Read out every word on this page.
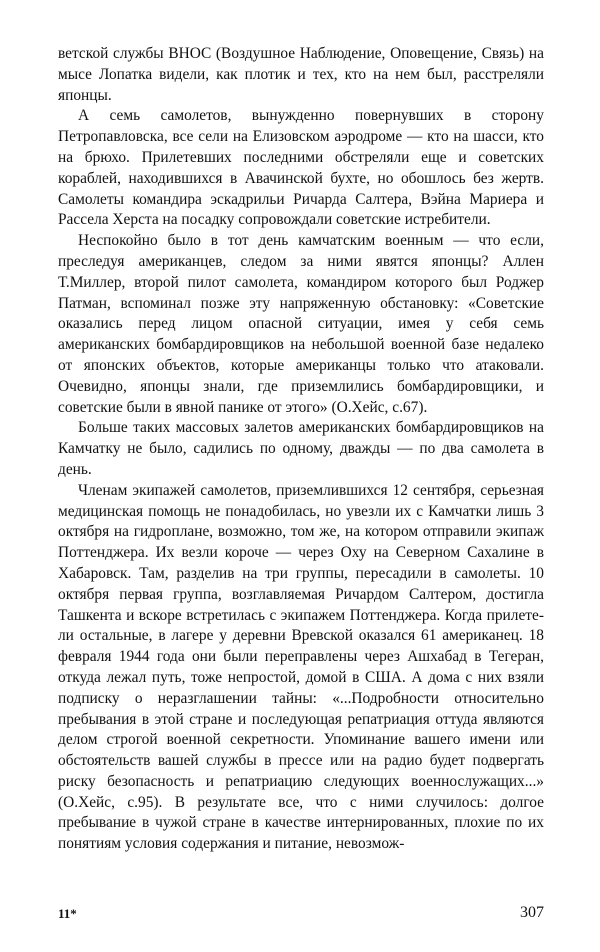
ветской службы ВНОС (Воздушное Наблюдение, Оповещение, Связь) на мысе Лопатка видели, как плотик и тех, кто на нем был, расстреляли японцы.

А семь самолетов, вынужденно повернувших в сторону Петропавловска, все сели на Елизовском аэродроме — кто на шасси, кто на брюхо. Прилетевших последними обстреляли еще и советских кораблей, находившихся в Авачинской бухте, но обошлось без жертв. Самолеты командира эскадрильи Ричарда Салтера, Вэйна Мариера и Рассела Херста на посадку сопровождали советские истребители.

Неспокойно было в тот день камчатским военным — что если, преследуя американцев, следом за ними явятся японцы? Аллен Т.Миллер, второй пилот самолета, командиром которого был Роджер Патман, вспоминал позже эту напряженную обстановку: «Советские оказались перед лицом опасной ситуации, имея у себя семь американских бомбардировщиков на небольшой военной базе недалеко от японских объектов, которые американцы только что атаковали. Очевидно, японцы знали, где приземлились бомбардировщики, и советские были в явной панике от этого» (О.Хейс, с.67).

Больше таких массовых залетов американских бомбардировщиков на Камчатку не было, садились по одному, дважды — по два самолета в день.

Членам экипажей самолетов, приземлившихся 12 сентября, серьезная медицинская помощь не понадобилась, но увезли их с Камчатки лишь 3 октября на гидроплане, возможно, том же, на котором отправили экипаж Поттенджера. Их везли короче — через Оху на Северном Сахалине в Хабаровск. Там, разделив на три группы, пересадили в самолеты. 10 октября первая группа, возглавляемая Ричардом Салтером, достигла Ташкента и вскоре встретилась с экипажем Поттенджера. Когда прилетели остальные, в лагере у деревни Вревской оказался 61 американец. 18 февраля 1944 года они были переправлены через Ашхабад в Тегеран, откуда лежал путь, тоже непростой, домой в США. А дома с них взяли подписку о неразглашении тайны: «...Подробности относительно пребывания в этой стране и последующая репатриация оттуда являются делом строгой военной секретности. Упоминание вашего имени или обстоятельств вашей службы в прессе или на радио будет подвергать риску безопасность и репатриацию следующих военнослужащих...» (О.Хейс, с.95). В результате все, что с ними случилось: долгое пребывание в чужой стране в качестве интернированных, плохие по их понятиям условия содержания и питание, невозмож-

11*	307
